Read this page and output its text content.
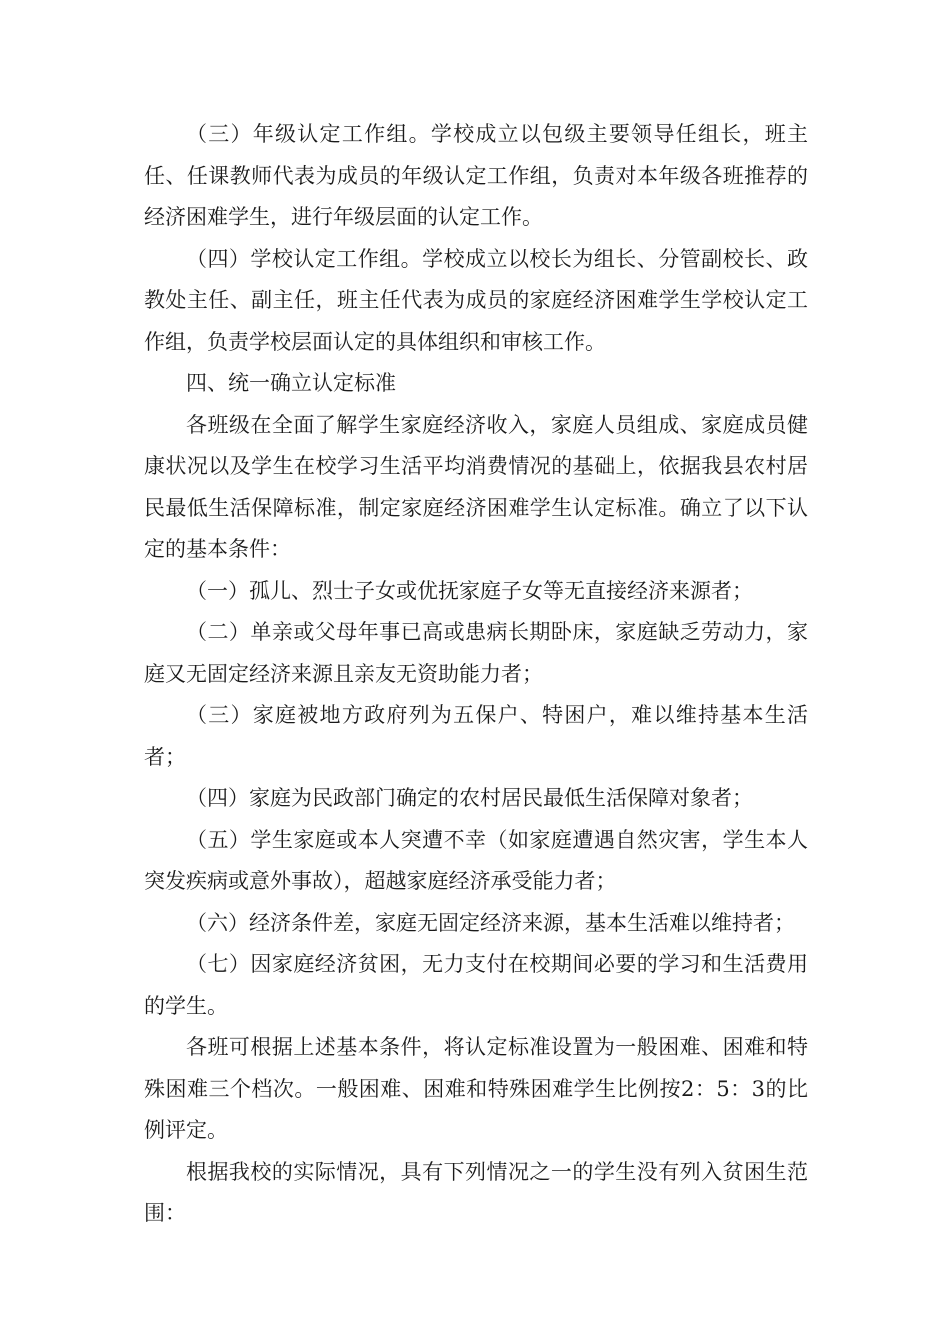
（三）年级认定工作组。学校成立以包级主要领导任组长，班主任、任课教师代表为成员的年级认定工作组，负责对本年级各班推荐的经济困难学生，进行年级层面的认定工作。

（四）学校认定工作组。学校成立以校长为组长、分管副校长、政教处主任、副主任，班主任代表为成员的家庭经济困难学生学校认定工作组，负责学校层面认定的具体组织和审核工作。

四、统一确立认定标准

各班级在全面了解学生家庭经济收入，家庭人员组成、家庭成员健康状况以及学生在校学习生活平均消费情况的基础上，依据我县农村居民最低生活保障标准，制定家庭经济困难学生认定标准。确立了以下认定的基本条件：

（一）孤儿、烈士子女或优抚家庭子女等无直接经济来源者；

（二）单亲或父母年事已高或患病长期卧床，家庭缺乏劳动力，家庭又无固定经济来源且亲友无资助能力者；

（三）家庭被地方政府列为五保户、特困户，难以维持基本生活者；

（四）家庭为民政部门确定的农村居民最低生活保障对象者；

（五）学生家庭或本人突遭不幸（如家庭遭遇自然灾害，学生本人突发疾病或意外事故），超越家庭经济承受能力者；

（六）经济条件差，家庭无固定经济来源，基本生活难以维持者；

（七）因家庭经济贫困，无力支付在校期间必要的学习和生活费用的学生。

各班可根据上述基本条件，将认定标准设置为一般困难、困难和特殊困难三个档次。一般困难、困难和特殊困难学生比例按2：5：3的比例评定。

根据我校的实际情况，具有下列情况之一的学生没有列入贫困生范围：
